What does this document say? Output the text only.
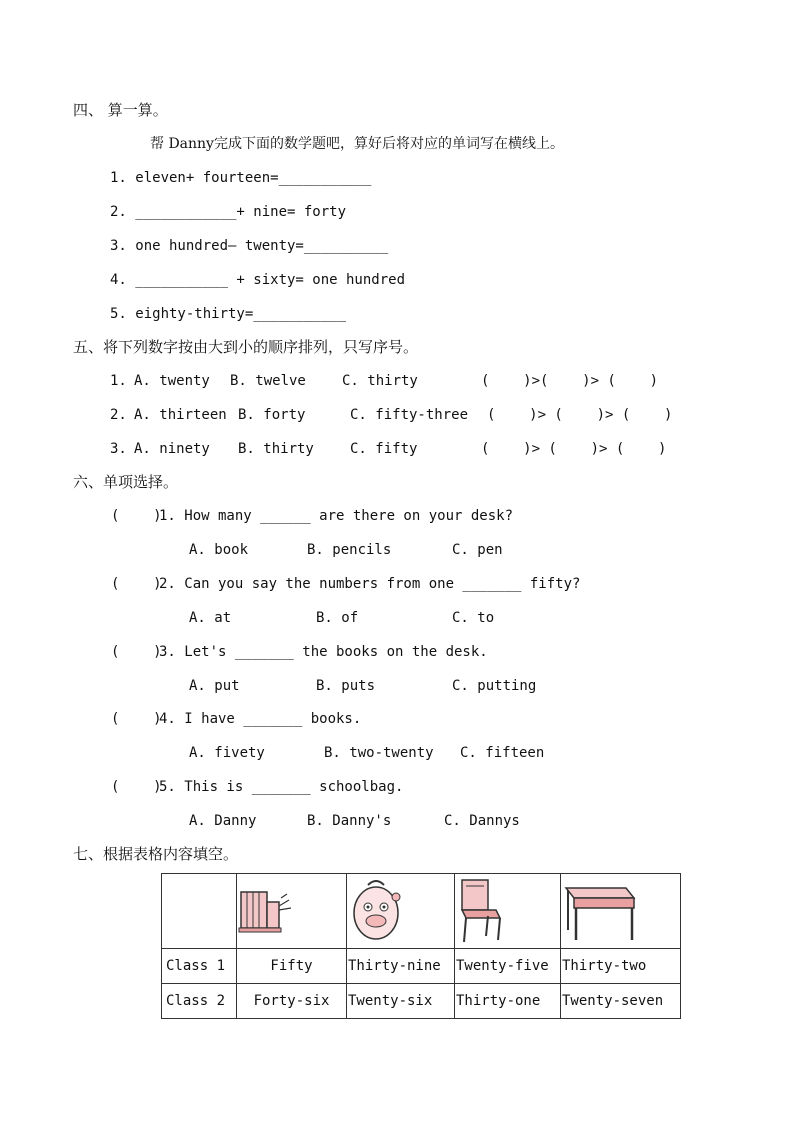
四、 算一算。
帮 Danny完成下面的数学题吧，算好后将对应的单词写在横线上。
1. eleven+ fourteen=___________
2. ____________+ nine= forty
3. one hundred— twenty=__________
4. ___________ + sixty= one hundred
5. eighty-thirty=___________
五、将下列数字按由大到小的顺序排列，只写序号。
1. A. twenty B. twelve	C. thirty	(    )>(    )> (    )
2. A. thirteen B. forty	C. fifty-three (    )> (    )> (    )
3. A. ninety B. thirty	C. fifty	(    )> (    )> (    )
六、单项选择。
(    )
1. How many ______ are there on your desk?
A. book	B. pencils	C. pen
(    )
2. Can you say the numbers from one _______ fifty?
A. at	B. of	C. to
(    )
3. Let's _______ the books on the desk.
A. put	B. puts	C. putting
(    )
4. I have _______ books.
A. fivety	B. two-twenty C. fifteen
(    )
5. This is _______ schoolbag.
A. Danny	B. Danny's	C. Dannys
七、根据表格内容填空。

Class 1	Fifty	Thirty-nine	Twenty-five	Thirty-two
Class 2	Forty-six	Twenty-six	Thirty-one	Twenty-seven
